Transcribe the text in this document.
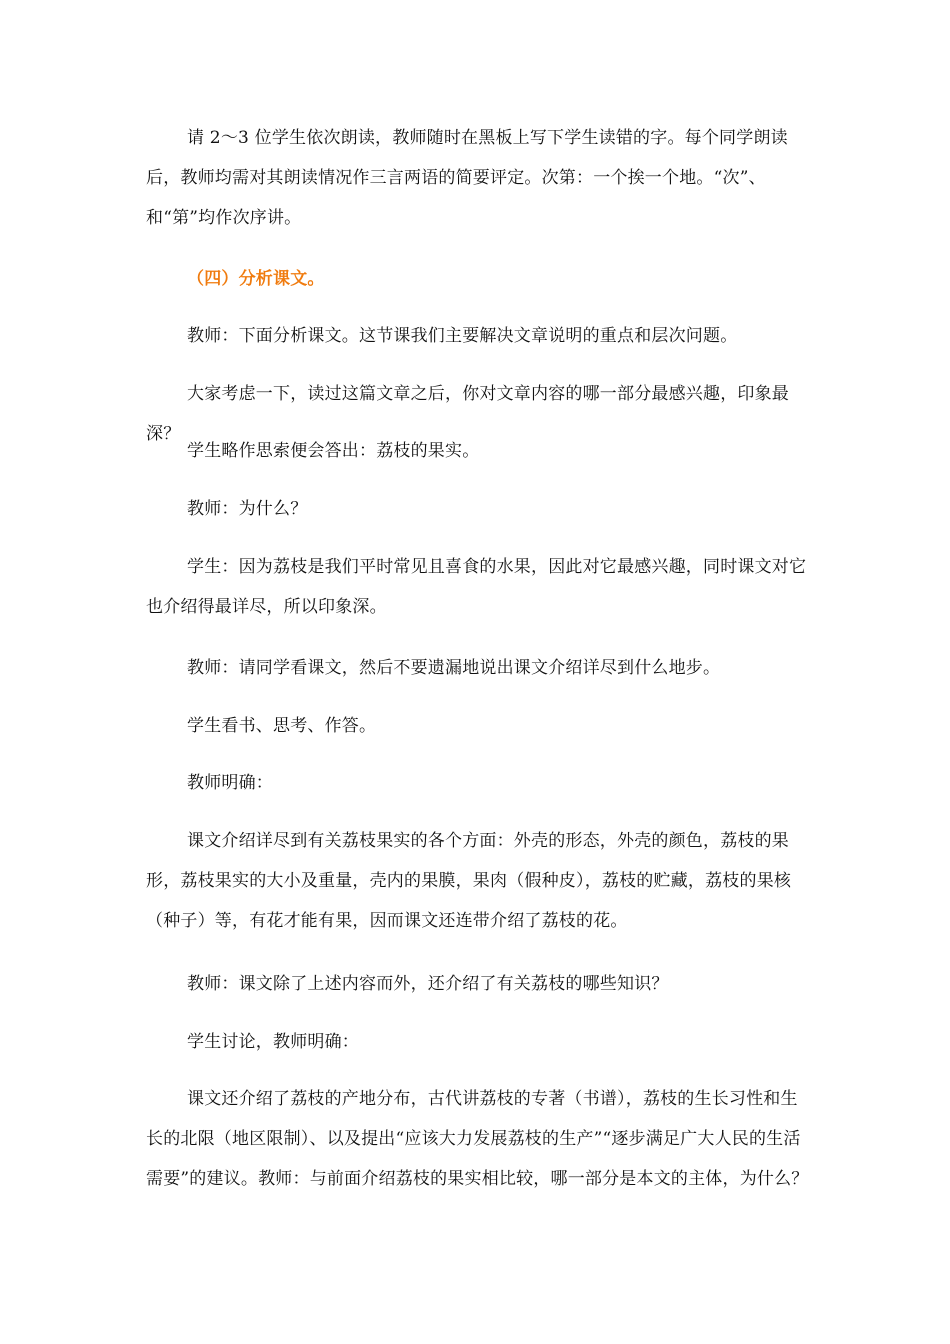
请 2～3 位学生依次朗读，教师随时在黑板上写下学生读错的字。每个同学朗读后，教师均需对其朗读情况作三言两语的简要评定。次第：一个挨一个地。“次”、和“第”均作次序讲。

（四）分析课文。

教师：下面分析课文。这节课我们主要解决文章说明的重点和层次问题。

大家考虑一下，读过这篇文章之后，你对文章内容的哪一部分最感兴趣，印象最深？

学生略作思索便会答出：荔枝的果实。

教师：为什么？

学生：因为荔枝是我们平时常见且喜食的水果，因此对它最感兴趣，同时课文对它也介绍得最详尽，所以印象深。

教师：请同学看课文，然后不要遗漏地说出课文介绍详尽到什么地步。

学生看书、思考、作答。

教师明确：

课文介绍详尽到有关荔枝果实的各个方面：外壳的形态，外壳的颜色，荔枝的果形，荔枝果实的大小及重量，壳内的果膜，果肉（假种皮），荔枝的贮藏，荔枝的果核（种子）等，有花才能有果，因而课文还连带介绍了荔枝的花。

教师：课文除了上述内容而外，还介绍了有关荔枝的哪些知识？

学生讨论，教师明确：

课文还介绍了荔枝的产地分布，古代讲荔枝的专著（书谱），荔枝的生长习性和生长的北限（地区限制）、以及提出“应该大力发展荔枝的生产”“逐步满足广大人民的生活需要”的建议。教师：与前面介绍荔枝的果实相比较，哪一部分是本文的主体，为什么？
